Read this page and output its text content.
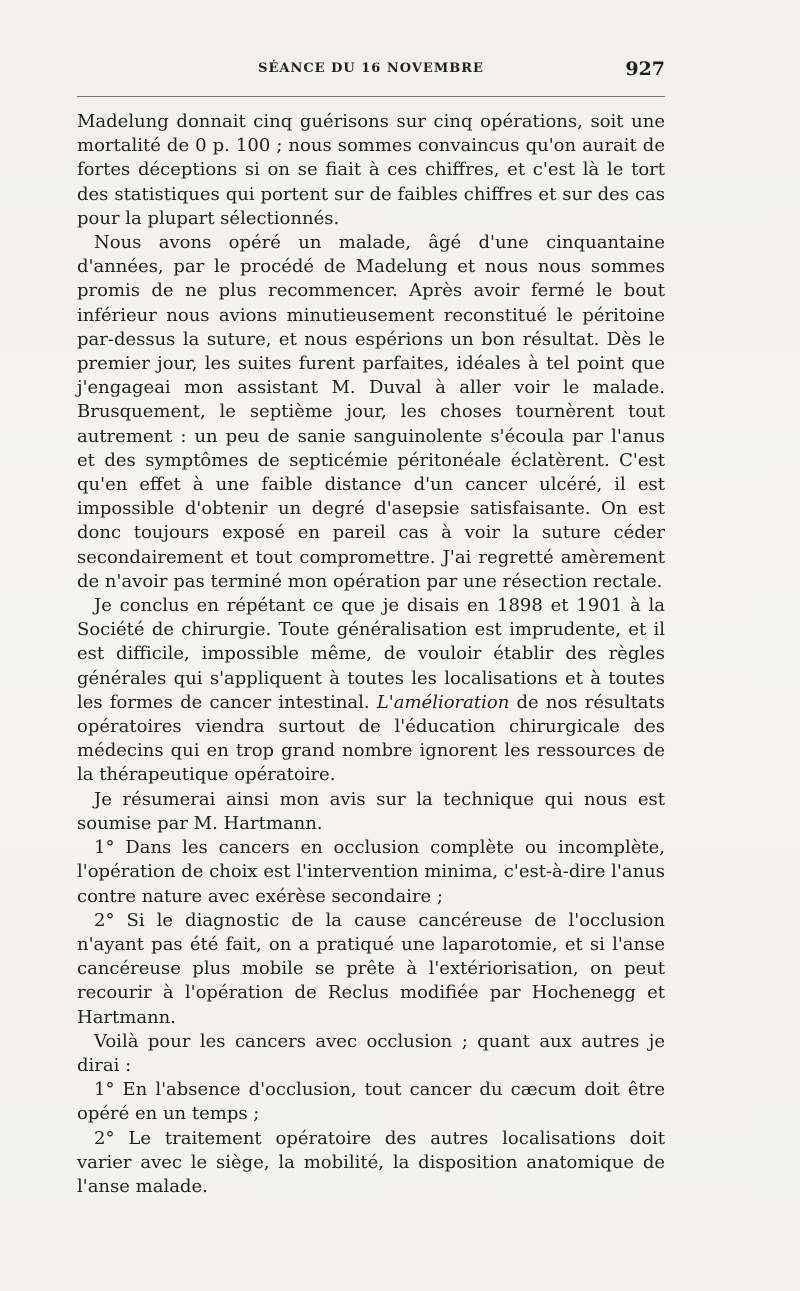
SÉANCE DU 16 NOVEMBRE	927

Madelung donnait cinq guérisons sur cinq opérations, soit une mortalité de 0 p. 100 ; nous sommes convaincus qu'on aurait de fortes déceptions si on se fiait à ces chiffres, et c'est là le tort des statistiques qui portent sur de faibles chiffres et sur des cas pour la plupart sélectionnés.

Nous avons opéré un malade, âgé d'une cinquantaine d'années, par le procédé de Madelung et nous nous sommes promis de ne plus recommencer. Après avoir fermé le bout inférieur nous avions minutieusement reconstitué le péritoine par-dessus la suture, et nous espérions un bon résultat. Dès le premier jour, les suites furent parfaites, idéales à tel point que j'engageai mon assistant M. Duval à aller voir le malade. Brusquement, le septième jour, les choses tournèrent tout autrement : un peu de sanie sanguinolente s'écoula par l'anus et des symptômes de septicémie péritonéale éclatèrent. C'est qu'en effet à une faible distance d'un cancer ulcéré, il est impossible d'obtenir un degré d'asepsie satisfaisante. On est donc toujours exposé en pareil cas à voir la suture céder secondairement et tout compromettre. J'ai regretté amèrement de n'avoir pas terminé mon opération par une résection rectale.

Je conclus en répétant ce que je disais en 1898 et 1901 à la Société de chirurgie. Toute généralisation est imprudente, et il est difficile, impossible même, de vouloir établir des règles générales qui s'appliquent à toutes les localisations et à toutes les formes de cancer intestinal. L'amélioration de nos résultats opératoires viendra surtout de l'éducation chirurgicale des médecins qui en trop grand nombre ignorent les ressources de la thérapeutique opératoire.

Je résumerai ainsi mon avis sur la technique qui nous est soumise par M. Hartmann.

1° Dans les cancers en occlusion complète ou incomplète, l'opération de choix est l'intervention minima, c'est-à-dire l'anus contre nature avec exérèse secondaire ;

2° Si le diagnostic de la cause cancéreuse de l'occlusion n'ayant pas été fait, on a pratiqué une laparotomie, et si l'anse cancéreuse plus mobile se prête à l'extériorisation, on peut recourir à l'opération de Reclus modifiée par Hochenegg et Hartmann.

Voilà pour les cancers avec occlusion ; quant aux autres je dirai :

1° En l'absence d'occlusion, tout cancer du cæcum doit être opéré en un temps ;

2° Le traitement opératoire des autres localisations doit varier avec le siège, la mobilité, la disposition anatomique de l'anse malade.
